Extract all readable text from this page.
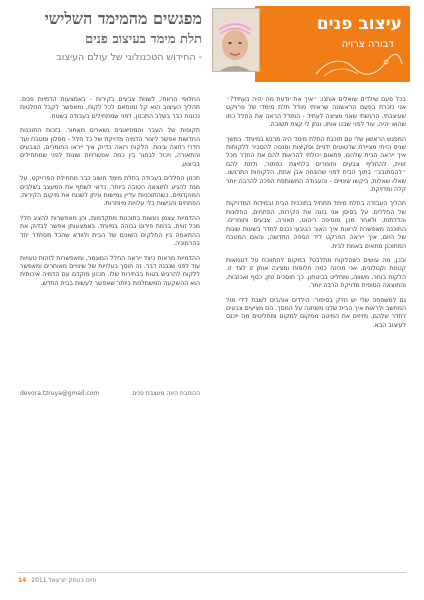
עיצוב פנים
דבורה צרויה
מפגשים מהמימד השלישי
תלת מימד בעיצוב פנים
- החידוש הטכנולוגי של עולם העיצוב

בכל פעם שילדים שואלים אותנו: ״איך את יודעת מה יהיה בעתיד?״ אני נזכרת בפעם הראשונה שראיתי מודל תלת מימדי של פרויקט שעיצבתי. הרגשתי שאני מציצה לעתיד - המודל הראה את החלל כמו שהוא יהיה, עוד לפני שבנו אותו, ונתן לי קצת תשובה.

המפגש הראשון שלי עם תוכנת התלת מימד היה מרגש במיוחד. במשך שנים הייתי מציירת שרטוטים ידניים וסקיצות ומנסה להסביר ללקוחות איך ייראה הבית שלהם. פתאום יכולתי להראות להם את החדר מכל זווית, להחליף צבעים וחומרים בלחיצת כפתור, ולתת להם ״להסתובב״ בתוך הבית לפני שהונחה אבן אחת. הלקוחות התרגשו, שאלו שאלות, ביקשו שינויים - והעבודה המשותפת הפכה להרבה יותר קלה ומדויקת.

תהליך העבודה בתלת מימד מתחיל בתוכנית הבית ובמידות המדויקות של החללים. על בסיסן אני בונה את הקירות, הפתחים, החלונות והדלתות, ולאחר מכן מוסיפה ריהוט, תאורה, צבעים וחומרים. התוכנה מאפשרת לראות איך האור הטבעי נכנס לחדר בשעות שונות של היום, איך ייראה הפרקט ליד הספה החדשה, והאם המטבח המתוכנן מתאים באמת לבית.

ובכן, מה עושים כשהלקוח מתלבט? במקום להתווכח על דוגמאות קטנות וקטלוגים, אני מכינה כמה חלופות ומציגה אותן זו לצד זו. הלקוח בוחר, משווה, ומחליט בביטחון. כך חוסכים זמן, כסף ואכזבות, והתוצאה הסופית מדויקת הרבה יותר.

גם למשפחה שלי יש חלק בסיפור: הילדים אוהבים לשבת לידי מול המחשב ולראות איך הבית שלנו משתנה על המסך. הם מציעים צבעים לחדר שלהם, מזיזים את המיטה ממקום למקום ומחליטים מה ייכנס לעיצוב הבא.

החלופי הרווחי, לשנות צבעים בקירות - באמצעות הדמיות פנים. תהליך העיצוב הוא קל ומותאם לכל לקוח, ומאפשר לקבל החלטות נכונות כבר בשלב התכנון, לפני שמתחילים בעבודה בשטח.

תקופות של העבר והמוזיאונים נשארים מאחור. בזכות התוכנות החדשות אפשר ליצור הדמיה מדויקת של כל חלל - מסלון ומטבח ועד חדרי רחצה וגינות. הלקוח רואה בדיוק איך ייראו החומרים, הצבעים והתאורה, ויכול לבחור בין כמה אפשרויות שונות לפני שמתחילים בביצוע.

תכנון החללים בעבודה בתלת מימד חשוב כבר מתחילת הפרויקט. על מנת להגיע לתוצאה הטובה ביותר, כדאי לשתף את המעצב בשלבים המוקדמים, כשהתוכניות עדיין גמישות וניתן לשנות את מיקום הקירות, הפתחים והנישות בלי עלויות מיותרות.

ההדמיות עצמן נעשות בתוכנות מתקדמות, והן מאפשרות להציג חלל מכל זווית, ברמת פירוט גבוהה במיוחד. באמצעותן אפשר לבדוק את ההתאמה בין החלקים השונים של הבית ולוודא שהכל מסתדר יחד בהרמוניה.

ההדמיות מראות כיצד ייראה החלל המוגמר, ומאפשרות לזהות טעויות עוד לפני שנבנה דבר. זה חוסך בעלויות של שינויים מאוחרים ומאפשר ללקוח להרגיש בטוח בבחירות שלו. תכנון מוקדם עם הדמיה איכותית הוא ההשקעה המשתלמת ביותר שאפשר לעשות בבית החדש.

devora.tzruya@gmail.com	הכותבת הינה מעצבת פנים
14 חיים בעמק יזרעאל 2011
